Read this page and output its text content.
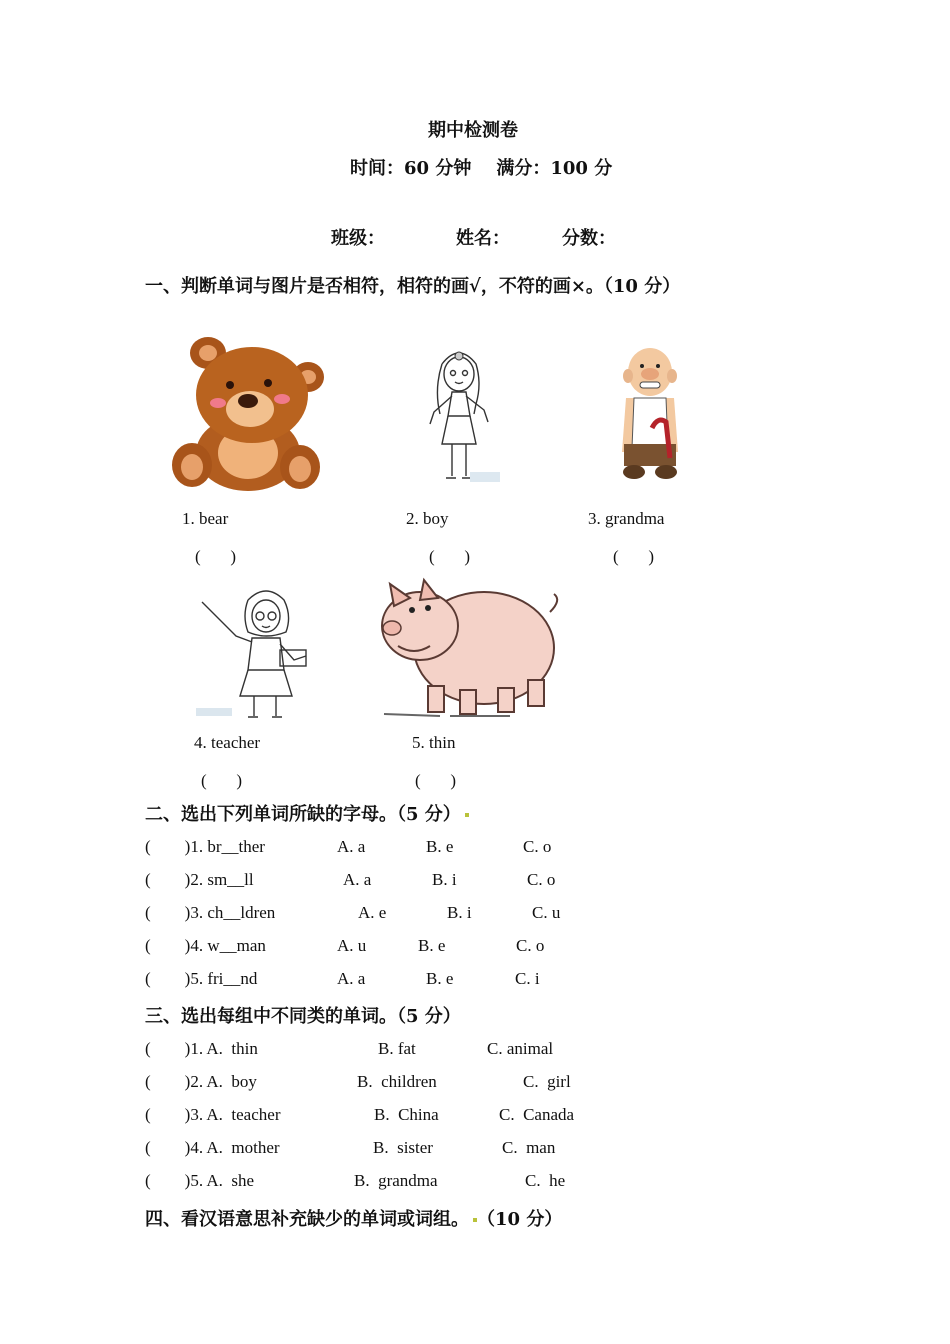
期中检测卷
时间：60 分钟    满分：100 分
班级：	姓名：	分数：
一、判断单词与图片是否相符，相符的画√，不符的画×。（10 分）
1. bear	2. boy	3. grandma
(       )	(       )	(       )
4. teacher	5. thin
(       )	(       )
二、选出下列单词所缺的字母。（5 分）
(        )1. br__ther	A. a	B. e	C. o
(        )2. sm__ll	A. a	B. i	C. o
(        )3. ch__ldren	A. e	B. i	C. u
(        )4. w__man	A. u	B. e	C. o
(        )5. fri__nd	A. a	B. e	C. i
三、选出每组中不同类的单词。（5 分）
(        )1. A.  thin	B. fat	C. animal
(        )2. A.  boy	B.  children	C.  girl
(        )3. A.  teacher	B.  China	C.  Canada
(        )4. A.  mother	B.  sister	C.  man
(        )5. A.  she	B.  grandma	C.  he
四、看汉语意思补充缺少的单词或词组。 （10 分）
